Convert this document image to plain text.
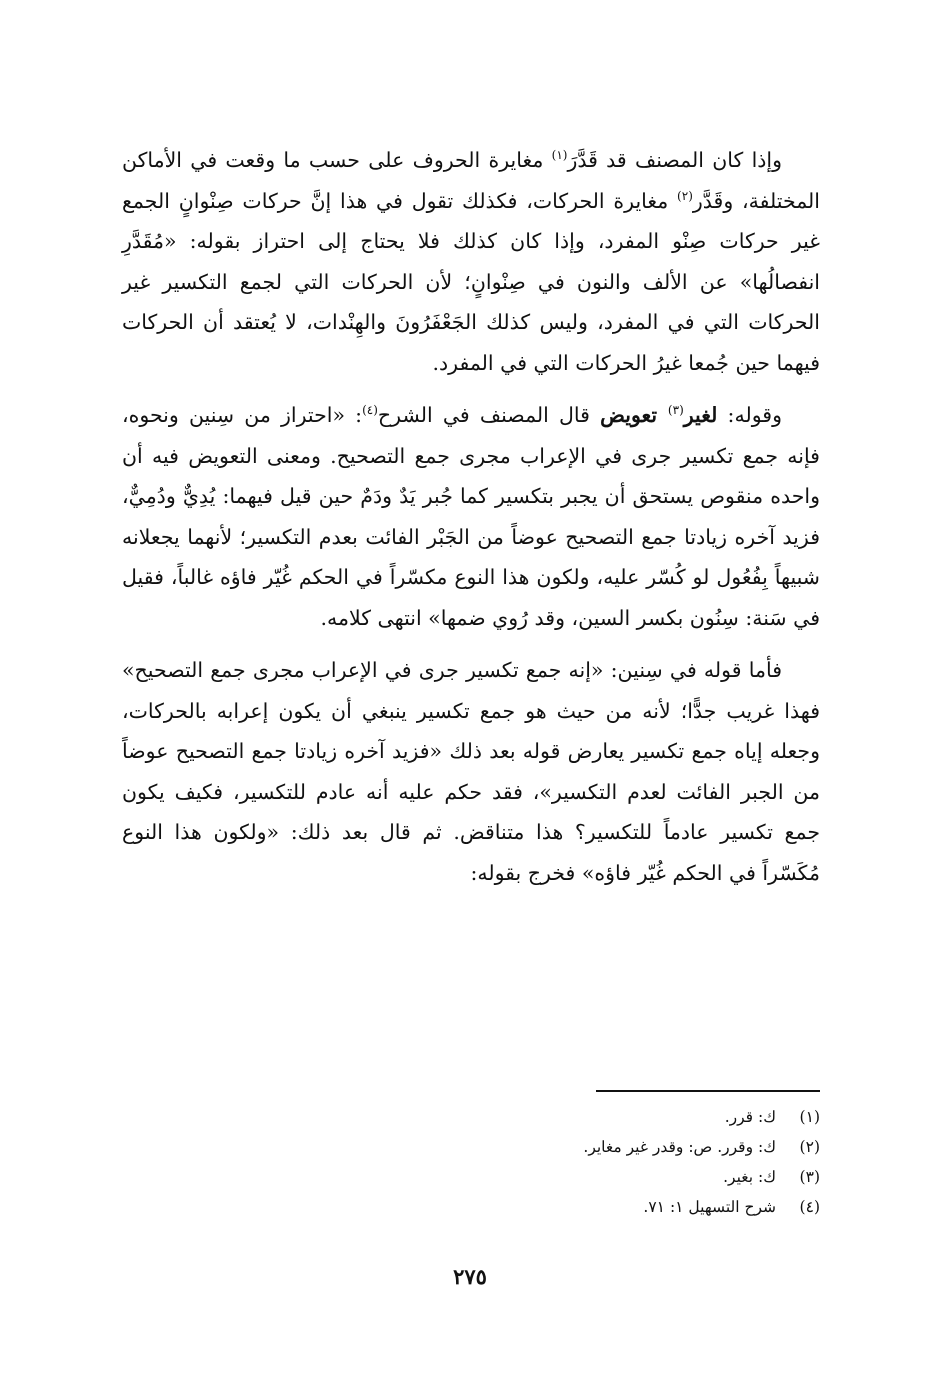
وإذا كان المصنف قد قَدَّرَ$^{(١)}$ مغايرة الحروف على حسب ما وقعت في الأماكن المختلفة، وقَدَّر$^{(٢)}$ مغايرة الحركات، فكذلك تقول في هذا إنَّ حركات صِنْوانٍ الجمع غير حركات صِنْو المفرد، وإذا كان كذلك فلا يحتاج إلى احتراز بقوله: «مُقَدَّرِ انفصالُها» عن الألف والنون في صِنْوانٍ؛ لأن الحركات التي لجمع التكسير غير الحركات التي في المفرد، وليس كذلك الجَعْفَرُونَ والهِنْدات، لا يُعتقد أن الحركات فيهما حين جُمعا غيرُ الحركات التي في المفرد.

وقوله: لغير$^{(٣)}$ تعويض قال المصنف في الشرح$^{(٤)}$: «احتراز من سِنين ونحوه، فإنه جمع تكسير جرى في الإعراب مجرى جمع التصحيح. ومعنى التعويض فيه أن واحده منقوص يستحق أن يجبر بتكسير كما جُبر يَدٌ ودَمٌ حين قيل فيهما: يُدِيٌّ ودُمِيٌّ، فزيد آخره زيادتا جمع التصحيح عوضاً من الجَبْر الفائت بعدم التكسير؛ لأنهما يجعلانه شبيهاً بِفُعُول لو كُسّر عليه، ولكون هذا النوع مكسّراً في الحكم غُيّر فاؤه غالباً، فقيل في سَنة: سِنُون بكسر السين، وقد رُوي ضمها» انتهى كلامه.

فأما قوله في سِنين: «إنه جمع تكسير جرى في الإعراب مجرى جمع التصحيح» فهذا غريب جدًّا؛ لأنه من حيث هو جمع تكسير ينبغي أن يكون إعرابه بالحركات، وجعله إياه جمع تكسير يعارض قوله بعد ذلك «فزيد آخره زيادتا جمع التصحيح عوضاً من الجبر الفائت لعدم التكسير»، فقد حكم عليه أنه عادم للتكسير، فكيف يكون جمع تكسير عادماً للتكسير؟ هذا متناقض. ثم قال بعد ذلك: «ولكون هذا النوع مُكَسّراً في الحكم غُيّر فاؤه» فخرج بقوله:

(١)ك: قرر.
(٢)ك: وقرر. ص: وقدر غير مغاير.
(٣)ك: بغير.
(٤)شرح التسهيل ١: ٧١.
٢٧٥
